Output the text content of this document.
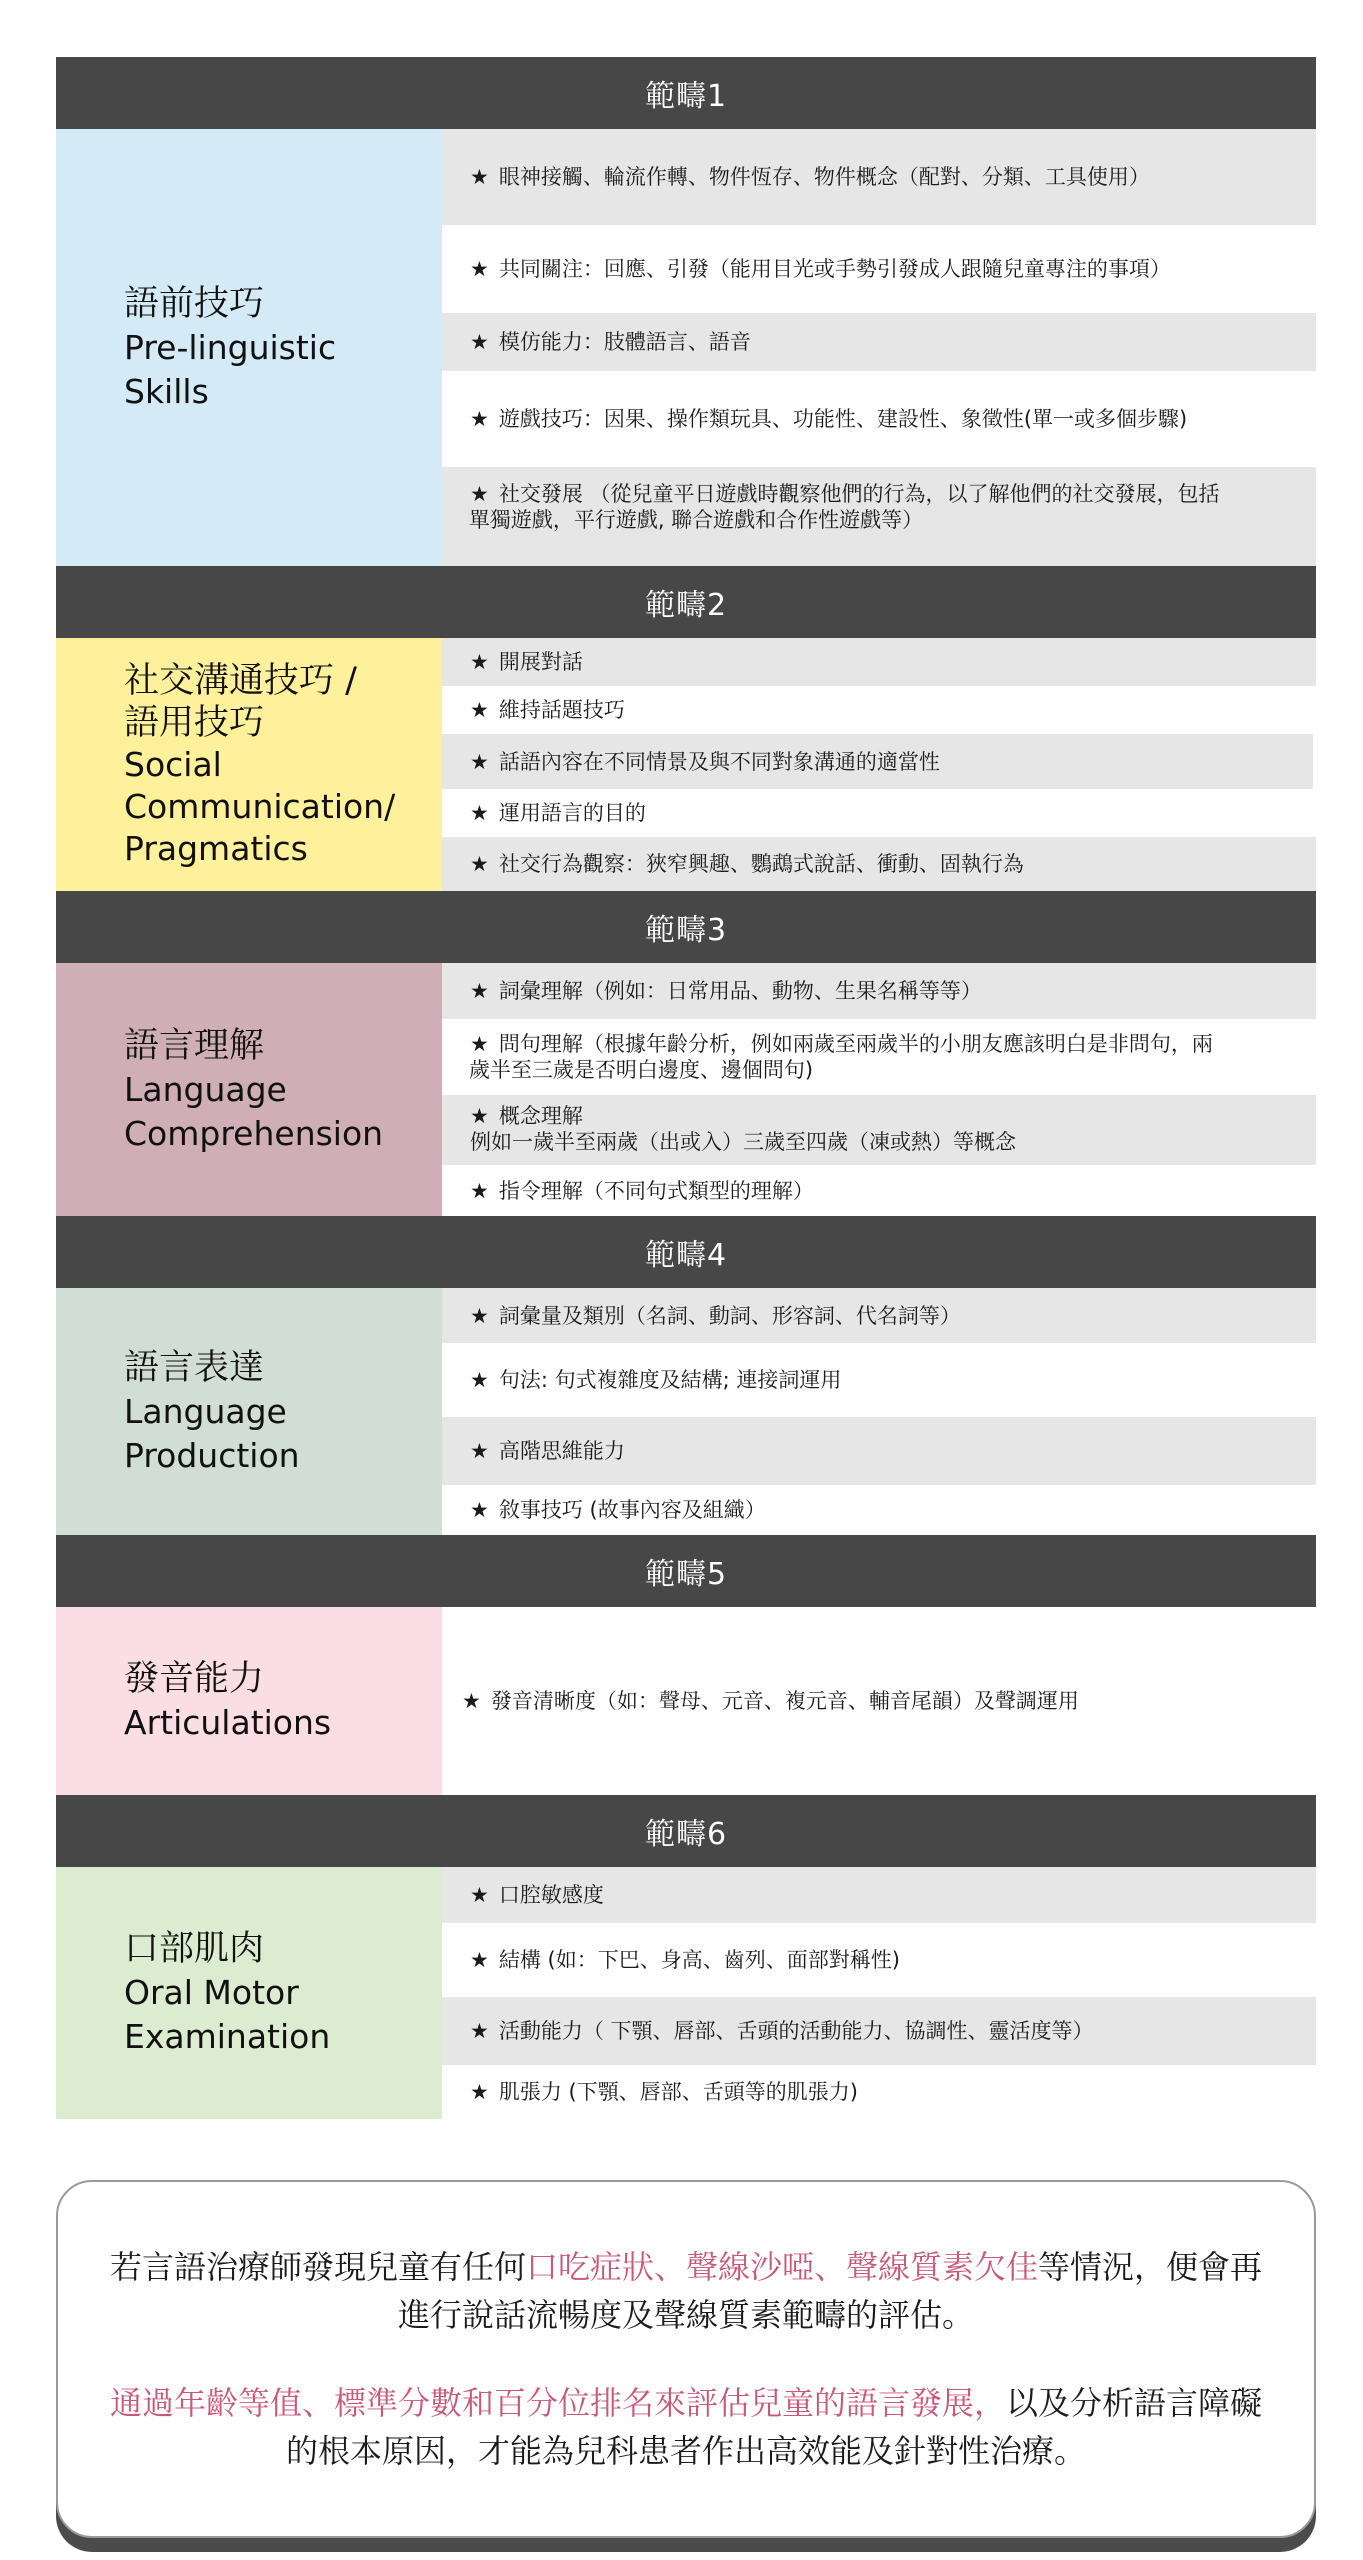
範疇1
語前技巧
Pre-linguistic
Skills
★ 眼神接觸、輪流作轉、物件恆存、物件概念（配對、分類、工具使用）
★ 共同關注：回應、引發（能用目光或手勢引發成人跟隨兒童專注的事項）
★ 模仿能力：肢體語言、語音
★ 遊戲技巧：因果、操作類玩具、功能性、建設性、象徵性(單一或多個步驟)
★ 社交發展 （從兒童平日遊戲時觀察他們的行為，以了解他們的社交發展，包括
單獨遊戲，平行遊戲, 聯合遊戲和合作性遊戲等）
範疇2
社交溝通技巧 /
語用技巧
Social
Communication/
Pragmatics
★ 開展對話
★ 維持話題技巧
★ 話語內容在不同情景及與不同對象溝通的適當性
★ 運用語言的目的
★ 社交行為觀察：狹窄興趣、鸚鵡式說話、衝動、固執行為
範疇3
語言理解
Language
Comprehension
★ 詞彙理解（例如：日常用品、動物、生果名稱等等）
★ 問句理解（根據年齡分析，例如兩歲至兩歲半的小朋友應該明白是非問句，兩
歲半至三歲是否明白邊度、邊個問句)
★ 概念理解
例如一歲半至兩歲（出或入）三歲至四歲（凍或熱）等概念
★ 指令理解（不同句式類型的理解）
範疇4
語言表達
Language
Production
★ 詞彙量及類別（名詞、動詞、形容詞、代名詞等）
★ 句法: 句式複雜度及結構; 連接詞運用
★ 高階思維能力
★ 敘事技巧 (故事內容及組織）
範疇5
發音能力
Articulations
★ 發音清晰度（如：聲母、元音、複元音、輔音尾韻）及聲調運用
範疇6
口部肌肉
Oral Motor
Examination
★ 口腔敏感度
★ 結構 (如：下巴、身高、齒列、面部對稱性)
★ 活動能力（ 下顎、唇部、舌頭的活動能力、協調性、靈活度等）
★ 肌張力 (下顎、唇部、舌頭等的肌張力)

若言語治療師發現兒童有任何口吃症狀、聲線沙啞、聲線質素欠佳等情況，便會再進行說話流暢度及聲線質素範疇的評估。

通過年齡等值、標準分數和百分位排名來評估兒童的語言發展，以及分析語言障礙的根本原因，才能為兒科患者作出高效能及針對性治療。
